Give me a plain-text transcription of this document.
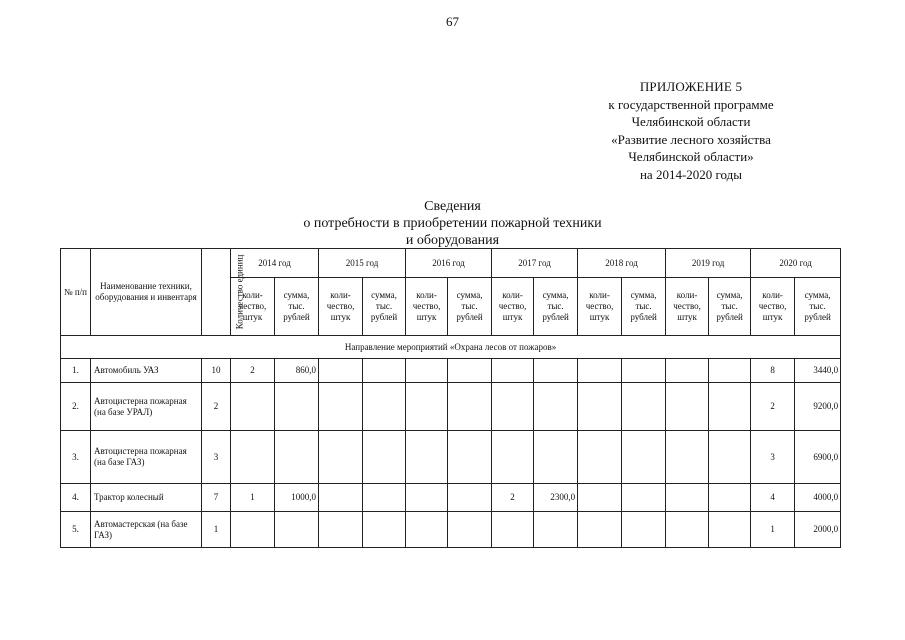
67
ПРИЛОЖЕНИЕ 5
к государственной программе
Челябинской области
«Развитие лесного хозяйства
Челябинской области»
на 2014-2020 годы
Сведения
о потребности в приобретении пожарной техники
и оборудования
№ п/п	Наименование техники, оборудования и инвентаря	Количество единиц	2014 год		2015 год		2016 год		2017 год		2018 год		2019 год		2020 год	
			коли-чество, штук	сумма, тыс. рублей	коли-чество, штук	сумма, тыс. рублей	коли-чество, штук	сумма, тыс. рублей	коли-чество, штук	сумма, тыс. рублей	коли-чество, штук	сумма, тыс. рублей	коли-чество, штук	сумма, тыс. рублей	коли-чество, штук	сумма, тыс. рублей
Направление мероприятий «Охрана лесов от пожаров»																
1.	Автомобиль УАЗ	10	2	860,0											8	3440,0
2.	Автоцистерна пожарная (на базе УРАЛ)	2													2	9200,0
3.	Автоцистерна пожарная (на базе ГАЗ)	3													3	6900,0
4.	Трактор колесный	7	1	1000,0					2	2300,0					4	4000,0
5.	Автомастерская (на базе ГАЗ)	1													1	2000,0
